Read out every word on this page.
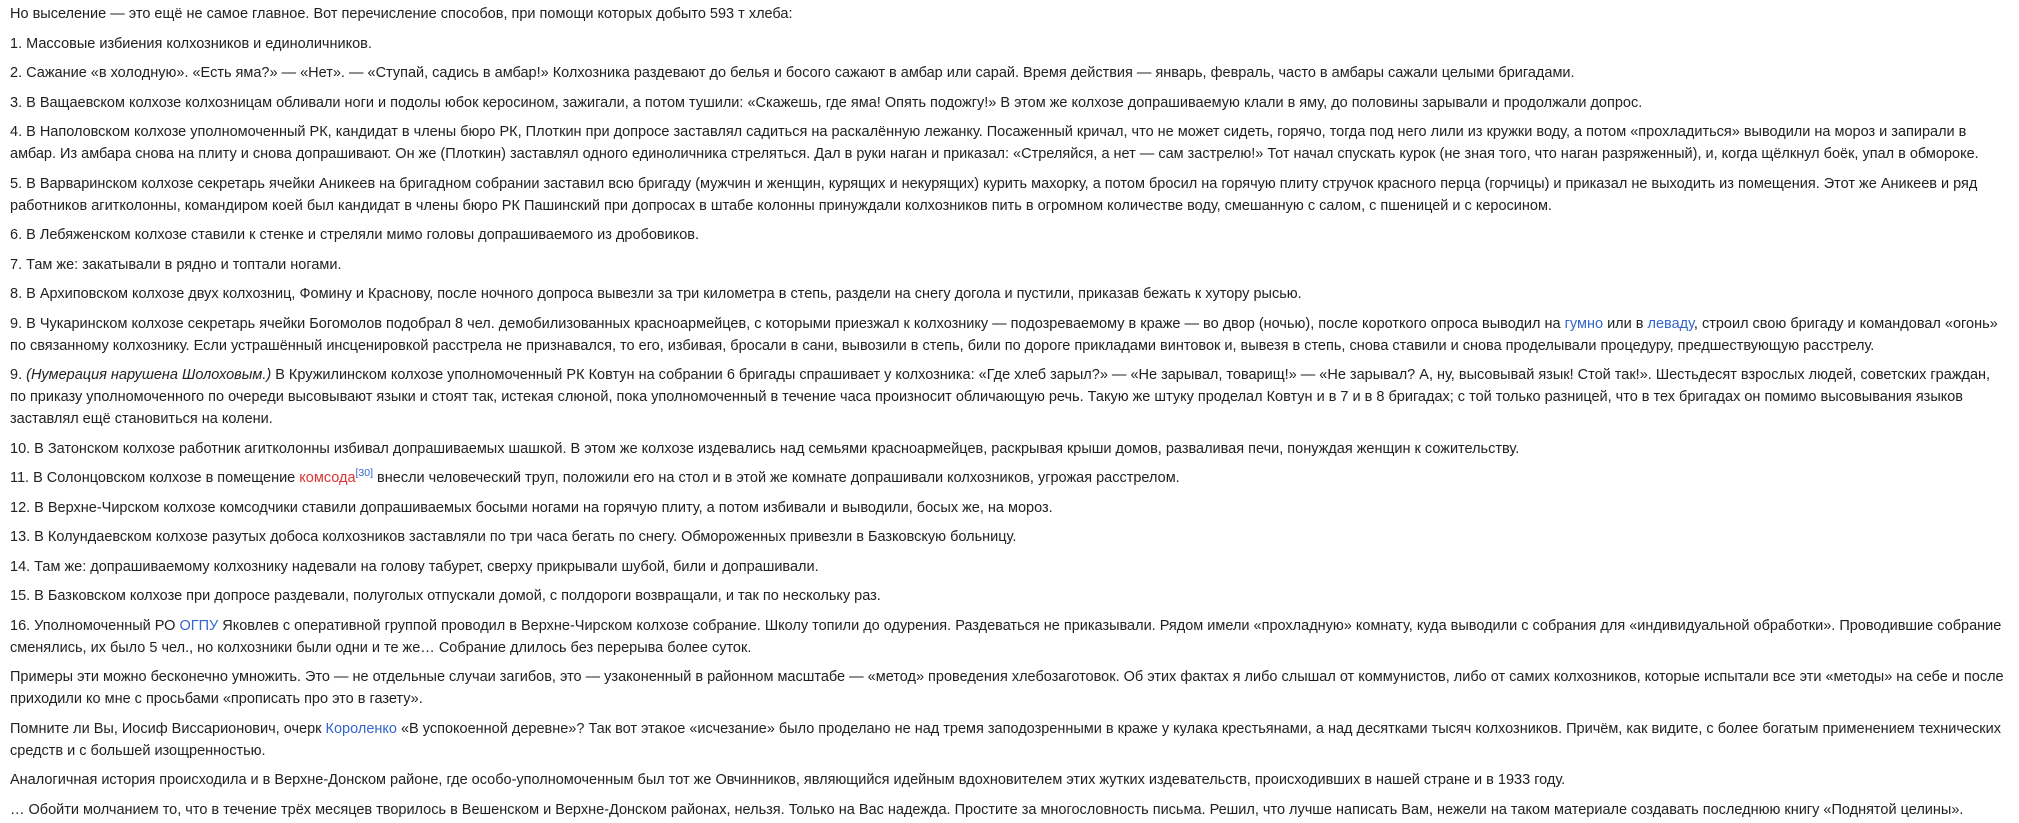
Но выселение — это ещё не самое главное. Вот перечисление способов, при помощи которых добыто 593 т хлеба:

1. Массовые избиения колхозников и единоличников.

2. Сажание «в холодную». «Есть яма?» — «Нет». — «Ступай, садись в амбар!» Колхозника раздевают до белья и босого сажают в амбар или сарай. Время действия — январь, февраль, часто в амбары сажали целыми бригадами.

3. В Ващаевском колхозе колхозницам обливали ноги и подолы юбок керосином, зажигали, а потом тушили: «Скажешь, где яма! Опять подожгу!» В этом же колхозе допрашиваемую клали в яму, до половины зарывали и продолжали допрос.

4. В Наполовском колхозе уполномоченный РК, кандидат в члены бюро РК, Плоткин при допросе заставлял садиться на раскалённую лежанку. Посаженный кричал, что не может сидеть, горячо, тогда под него лили из кружки воду, а потом «прохладиться» выводили на мороз и запирали в амбар. Из амбара снова на плиту и снова допрашивают. Он же (Плоткин) заставлял одного единоличника стреляться. Дал в руки наган и приказал: «Стреляйся, а нет — сам застрелю!» Тот начал спускать курок (не зная того, что наган разряженный), и, когда щёлкнул боёк, упал в обмороке.

5. В Варваринском колхозе секретарь ячейки Аникеев на бригадном собрании заставил всю бригаду (мужчин и женщин, курящих и некурящих) курить махорку, а потом бросил на горячую плиту стручок красного перца (горчицы) и приказал не выходить из помещения. Этот же Аникеев и ряд работников агитколонны, командиром коей был кандидат в члены бюро РК Пашинский при допросах в штабе колонны принуждали колхозников пить в огромном количестве воду, смешанную с салом, с пшеницей и с керосином.

6. В Лебяженском колхозе ставили к стенке и стреляли мимо головы допрашиваемого из дробовиков.

7. Там же: закатывали в рядно и топтали ногами.

8. В Архиповском колхозе двух колхозниц, Фомину и Краснову, после ночного допроса вывезли за три километра в степь, раздели на снегу догола и пустили, приказав бежать к хутору рысью.

9. В Чукаринском колхозе секретарь ячейки Богомолов подобрал 8 чел. демобилизованных красноармейцев, с которыми приезжал к колхознику — подозреваемому в краже — во двор (ночью), после короткого опроса выводил на гумно или в леваду, строил свою бригаду и командовал «огонь» по связанному колхознику. Если устрашённый инсценировкой расстрела не признавался, то его, избивая, бросали в сани, вывозили в степь, били по дороге прикладами винтовок и, вывезя в степь, снова ставили и снова проделывали процедуру, предшествующую расстрелу.

9. (Нумерация нарушена Шолоховым.) В Кружилинском колхозе уполномоченный РК Ковтун на собрании 6 бригады спрашивает у колхозника: «Где хлеб зарыл?» — «Не зарывал, товарищ!» — «Не зарывал? А, ну, высовывай язык! Стой так!». Шестьдесят взрослых людей, советских граждан, по приказу уполномоченного по очереди высовывают языки и стоят так, истекая слюной, пока уполномоченный в течение часа произносит обличающую речь. Такую же штуку проделал Ковтун и в 7 и в 8 бригадах; с той только разницей, что в тех бригадах он помимо высовывания языков заставлял ещё становиться на колени.

10. В Затонском колхозе работник агитколонны избивал допрашиваемых шашкой. В этом же колхозе издевались над семьями красноармейцев, раскрывая крыши домов, разваливая печи, понуждая женщин к сожительству.

11. В Солонцовском колхозе в помещение комсода[30] внесли человеческий труп, положили его на стол и в этой же комнате допрашивали колхозников, угрожая расстрелом.

12. В Верхне-Чирском колхозе комсодчики ставили допрашиваемых босыми ногами на горячую плиту, а потом избивали и выводили, босых же, на мороз.

13. В Колундаевском колхозе разутых добоса колхозников заставляли по три часа бегать по снегу. Обмороженных привезли в Базковскую больницу.

14. Там же: допрашиваемому колхознику надевали на голову табурет, сверху прикрывали шубой, били и допрашивали.

15. В Базковском колхозе при допросе раздевали, полуголых отпускали домой, с полдороги возвращали, и так по нескольку раз.

16. Уполномоченный РО ОГПУ Яковлев с оперативной группой проводил в Верхне-Чирском колхозе собрание. Школу топили до одурения. Раздеваться не приказывали. Рядом имели «прохладную» комнату, куда выводили с собрания для «индивидуальной обработки». Проводившие собрание сменялись, их было 5 чел., но колхозники были одни и те же… Собрание длилось без перерыва более суток.

Примеры эти можно бесконечно умножить. Это — не отдельные случаи загибов, это — узаконенный в районном масштабе — «метод» проведения хлебозаготовок. Об этих фактах я либо слышал от коммунистов, либо от самих колхозников, которые испытали все эти «методы» на себе и после приходили ко мне с просьбами «прописать про это в газету».

Помните ли Вы, Иосиф Виссарионович, очерк Короленко «В успокоенной деревне»? Так вот этакое «исчезание» было проделано не над тремя заподозренными в краже у кулака крестьянами, а над десятками тысяч колхозников. Причём, как видите, с более богатым применением технических средств и с большей изощренностью.

Аналогичная история происходила и в Верхне-Донском районе, где особо-уполномоченным был тот же Овчинников, являющийся идейным вдохновителем этих жутких издевательств, происходивших в нашей стране и в 1933 году.

… Обойти молчанием то, что в течение трёх месяцев творилось в Вешенском и Верхне-Донском районах, нельзя. Только на Вас надежда. Простите за многословность письма. Решил, что лучше написать Вам, нежели на таком материале создавать последнюю книгу «Поднятой целины».
